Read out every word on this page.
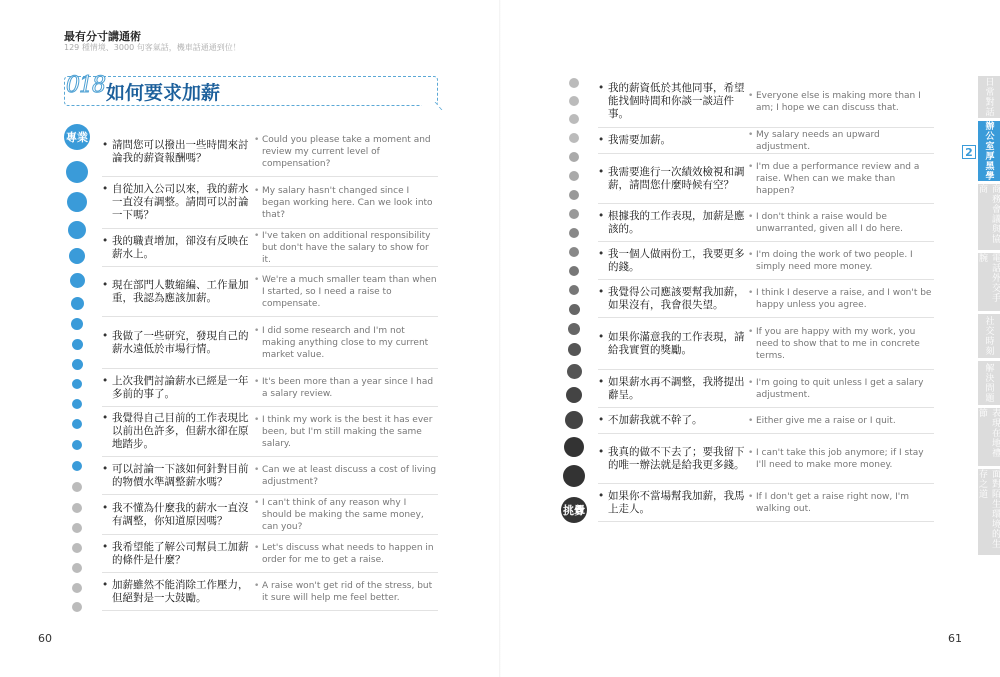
最有分寸講通術
129 種情境、3000 句客氣話，機車話通通到位！
018 如何要求加薪
專業
• 請問您可以撥出一些時間來討論我的薪資報酬嗎？
• Could you please take a moment and review my current level of compensation?
• 自從加入公司以來，我的薪水一直沒有調整。請問可以討論一下嗎？
• My salary hasn't changed since I began working here. Can we look into that?
• 我的職責增加，卻沒有反映在薪水上。
• I've taken on additional responsibility but don't have the salary to show for it.
• 現在部門人數縮編、工作量加重，我認為應該加薪。
• We're a much smaller team than when I started, so I need a raise to compensate.
• 我做了一些研究，發現自己的薪水遠低於市場行情。
• I did some research and I'm not making anything close to my current market value.
• 上次我們討論薪水已經是一年多前的事了。
• It's been more than a year since I had a salary review.
• 我覺得自己目前的工作表現比以前出色許多，但薪水卻在原地踏步。
• I think my work is the best it has ever been, but I'm still making the same salary.
• 可以討論一下該如何針對目前的物價水準調整薪水嗎？
• Can we at least discuss a cost of living adjustment?
• 我不懂為什麼我的薪水一直沒有調整，你知道原因嗎？
• I can't think of any reason why I should be making the same money, can you?
• 我希望能了解公司幫員工加薪的條件是什麼？
• Let's discuss what needs to happen in order for me to get a raise.
• 加薪雖然不能消除工作壓力，但絕對是一大鼓勵。
• A raise won't get rid of the stress, but it sure will help me feel better.
60
挑釁
• 我的薪資低於其他同事，希望能找個時間和你談一談這件事。
• Everyone else is making more than I am; I hope we can discuss that.
• 我需要加薪。	• My salary needs an upward adjustment.
• 我需要進行一次績效檢視和調薪，請問您什麼時候有空？
• I'm due a performance review and a raise. When can we make than happen?
• 根據我的工作表現，加薪是應該的。
• I don't think a raise would be unwarranted, given all I do here.
• 我一個人做兩份工，我要更多的錢。
• I'm doing the work of two people. I simply need more money.
• 我覺得公司應該要幫我加薪，如果沒有，我會很失望。
• I think I deserve a raise, and I won't be happy unless you agree.
• 如果你滿意我的工作表現，請給我實質的獎勵。
• If you are happy with my work, you need to show that to me in concrete terms.
• 如果薪水再不調整，我將提出辭呈。
• I'm going to quit unless I get a salary adjustment.
• 不加薪我就不幹了。	• Either give me a raise or I quit.
• 我真的做不下去了；要我留下的唯一辦法就是給我更多錢。
• I can't take this job anymore; if I stay I'll need to make more money.
• 如果你不當場幫我加薪，我馬上走人。
• If I don't get a raise right now, I'm walking out.
61
日常對話
辦公室厚黑學
2
商務會議與協商
電話外交手腕
社交時刻
解決問題
表現在地禮節
面對陌生環境的生存之道
